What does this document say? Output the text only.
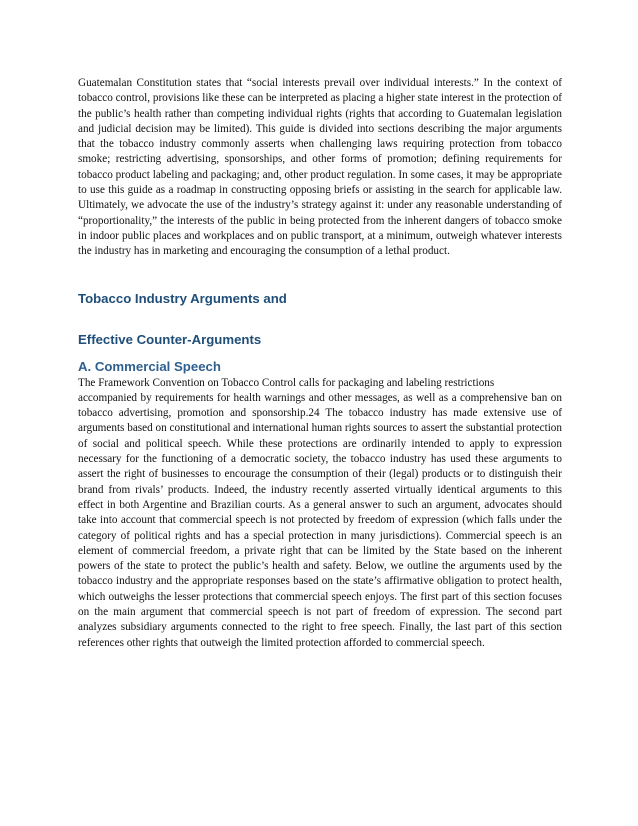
Guatemalan Constitution states that “social interests prevail over individual interests.” In the context of tobacco control, provisions like these can be interpreted as placing a higher state interest in the protection of the public’s health rather than competing individual rights (rights that according to Guatemalan legislation and judicial decision may be limited). This guide is divided into sections describing the major arguments that the tobacco industry commonly asserts when challenging laws requiring protection from tobacco smoke; restricting advertising, sponsorships, and other forms of promotion; defining requirements for tobacco product labeling and packaging; and, other product regulation. In some cases, it may be appropriate to use this guide as a roadmap in constructing opposing briefs or assisting in the search for applicable law. Ultimately, we advocate the use of the industry’s strategy against it: under any reasonable understanding of “proportionality,” the interests of the public in being protected from the inherent dangers of tobacco smoke in indoor public places and workplaces and on public transport, at a minimum, outweigh whatever interests the industry has in marketing and encouraging the consumption of a lethal product.

Tobacco Industry Arguments and
Effective Counter-Arguments
A. Commercial Speech

The Framework Convention on Tobacco Control calls for packaging and labeling restrictions

accompanied by requirements for health warnings and other messages, as well as a comprehensive ban on tobacco advertising, promotion and sponsorship.24 The tobacco industry has made extensive use of arguments based on constitutional and international human rights sources to assert the substantial protection of social and political speech. While these protections are ordinarily intended to apply to expression necessary for the functioning of a democratic society, the tobacco industry has used these arguments to assert the right of businesses to encourage the consumption of their (legal) products or to distinguish their brand from rivals’ products. Indeed, the industry recently asserted virtually identical arguments to this effect in both Argentine and Brazilian courts. As a general answer to such an argument, advocates should take into account that commercial speech is not protected by freedom of expression (which falls under the category of political rights and has a special protection in many jurisdictions). Commercial speech is an element of commercial freedom, a private right that can be limited by the State based on the inherent powers of the state to protect the public’s health and safety. Below, we outline the arguments used by the tobacco industry and the appropriate responses based on the state’s affirmative obligation to protect health, which outweighs the lesser protections that commercial speech enjoys. The first part of this section focuses on the main argument that commercial speech is not part of freedom of expression. The second part analyzes subsidiary arguments connected to the right to free speech. Finally, the last part of this section references other rights that outweigh the limited protection afforded to commercial speech.
